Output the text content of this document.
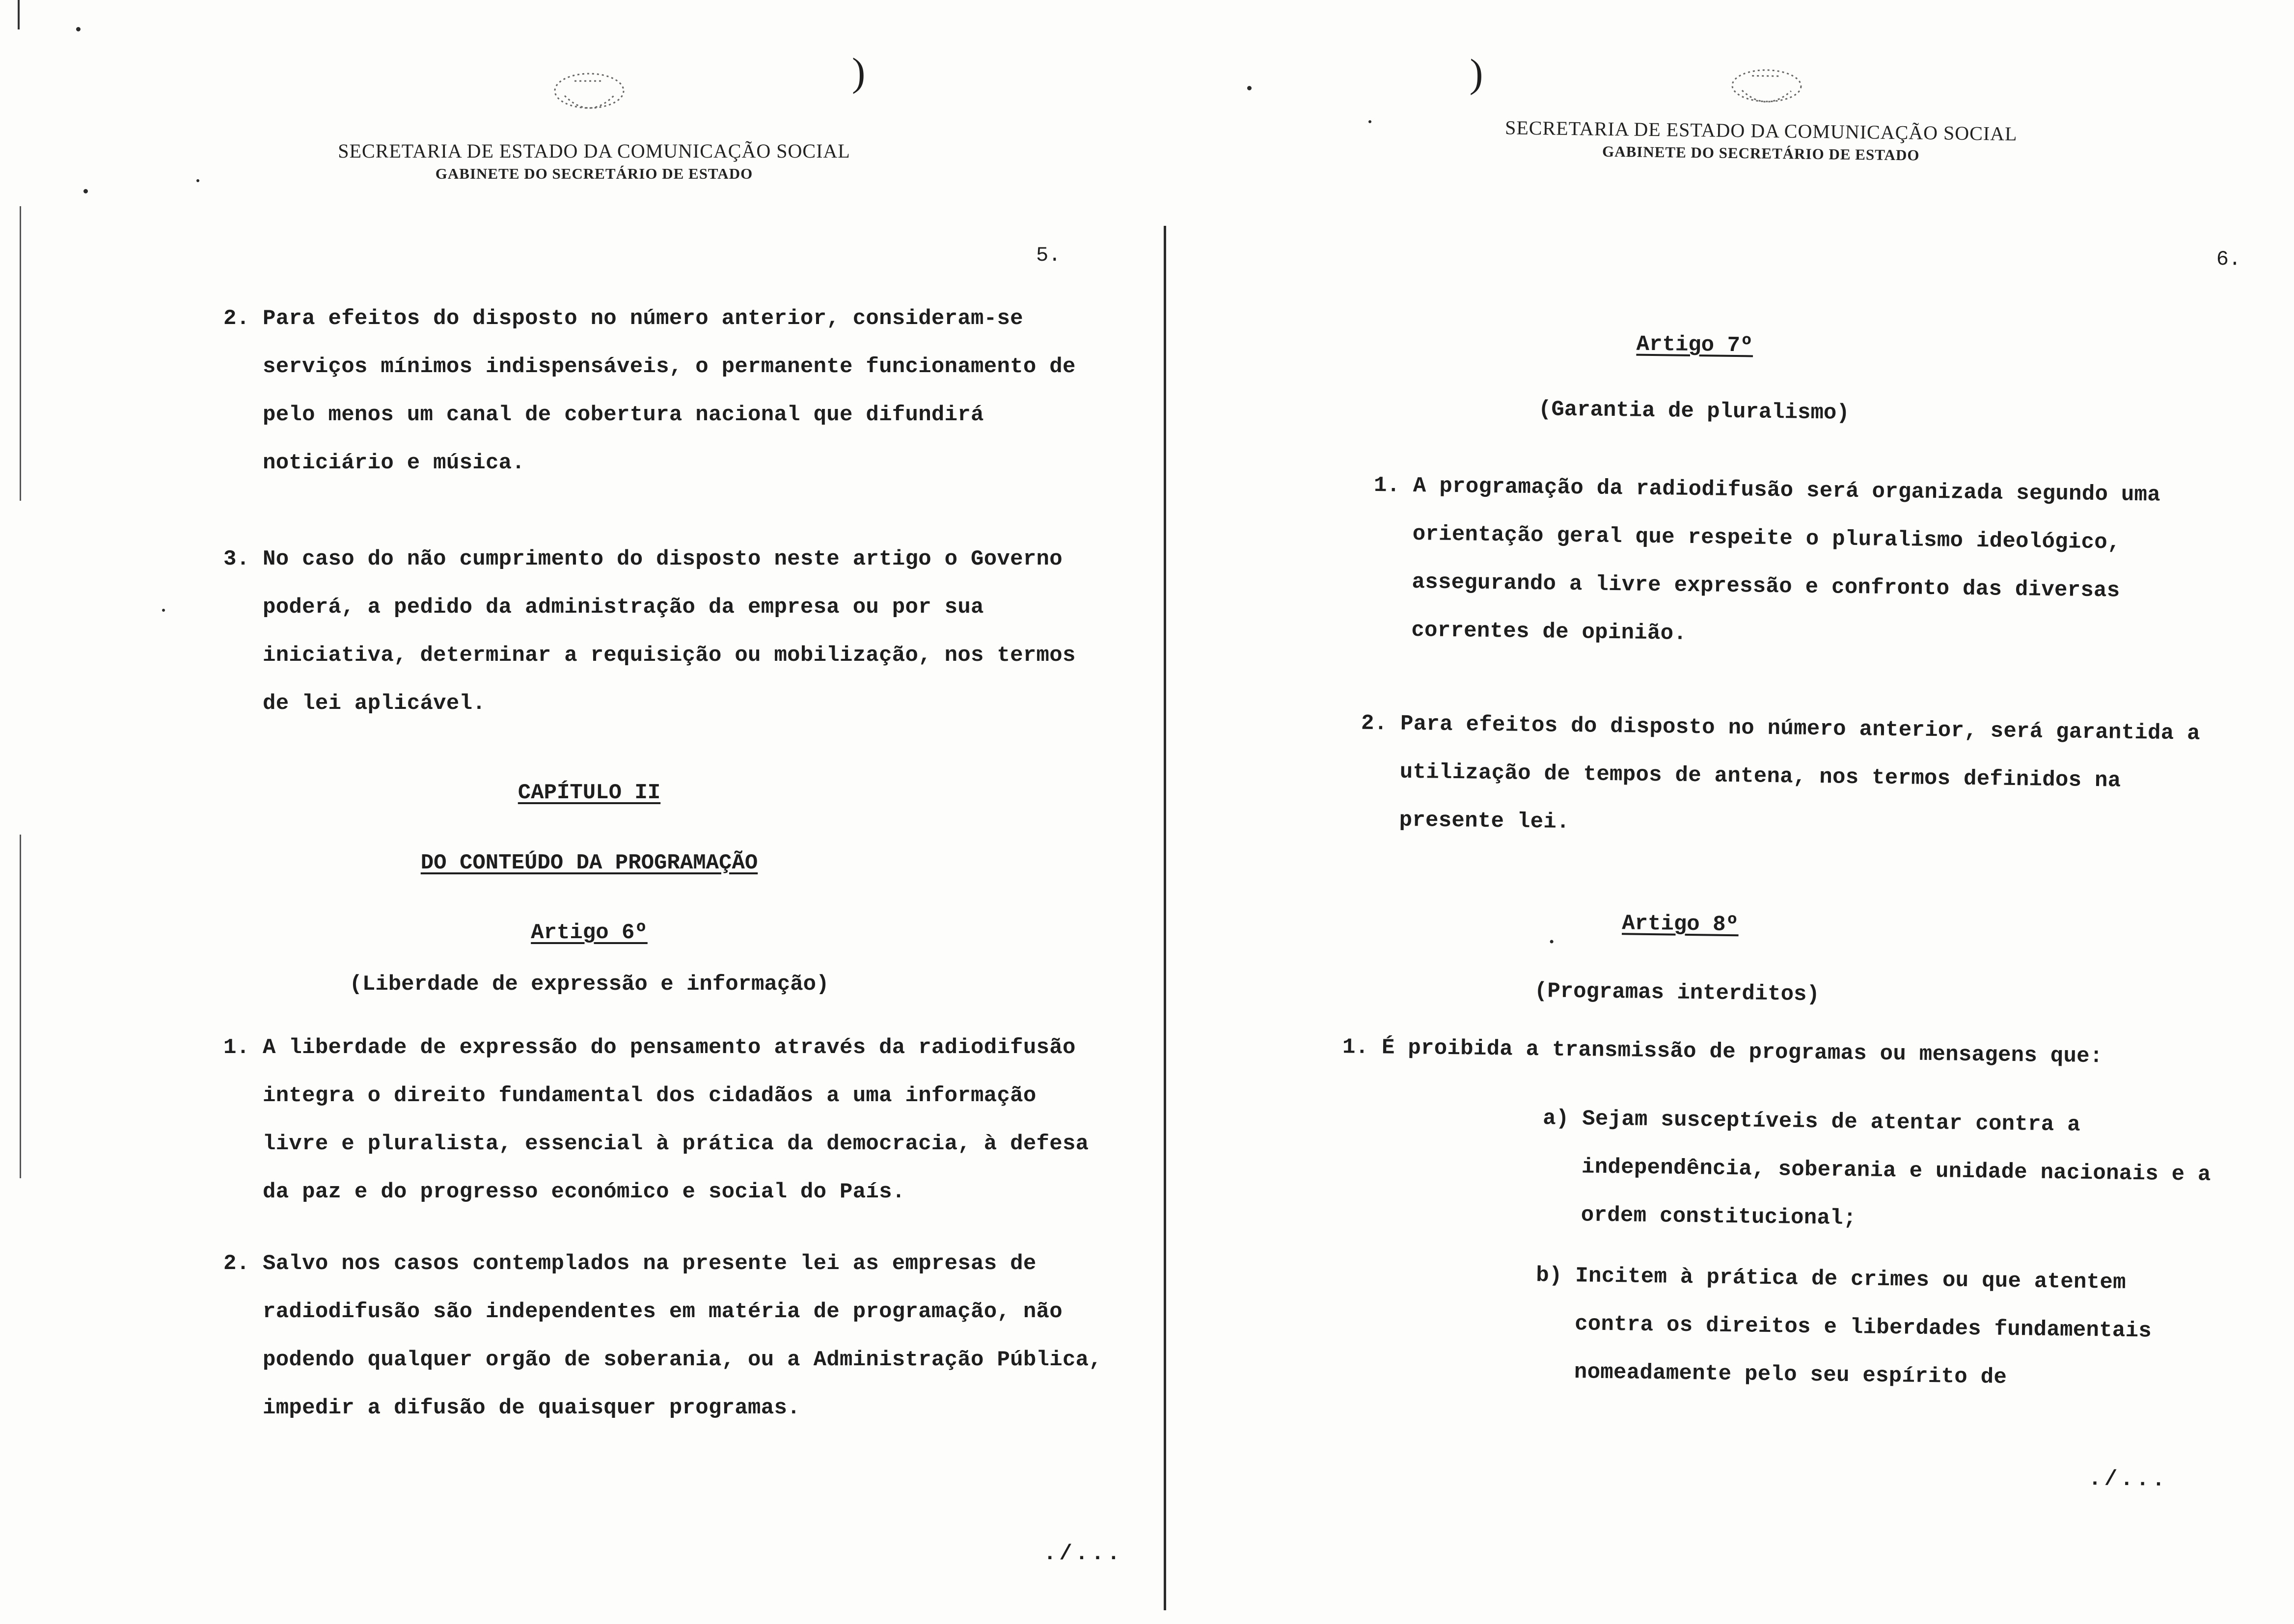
)
SECRETARIA DE ESTADO DA COMUNICAÇÃO SOCIAL
GABINETE DO SECRETÁRIO DE ESTADO
5.
2. Para efeitos do disposto no número anterior, consideram-se serviços mínimos indispensáveis, o permanente funcionamento de pelo menos um canal de cobertura nacional que difundirá noticiário e música.
3. No caso do não cumprimento do disposto neste artigo o Governo poderá, a pedido da administração da empresa ou por sua iniciativa, determinar a requisição ou mobilização, nos termos de lei aplicável.
CAPÍTULO II
DO CONTEÚDO DA PROGRAMAÇÃO
Artigo 6º
(Liberdade de expressão e informação)
1. A liberdade de expressão do pensamento através da radiodifusão integra o direito fundamental dos cidadãos a uma informação livre e pluralista, essencial à prática da democracia, à defesa da paz e do progresso económico e social do País.
2. Salvo nos casos contemplados na presente lei as empresas de radiodifusão são independentes em matéria de programação, não podendo qualquer orgão de soberania, ou a Administração Pública, impedir a difusão de quaisquer programas.
./...
)
SECRETARIA DE ESTADO DA COMUNICAÇÃO SOCIAL
GABINETE DO SECRETÁRIO DE ESTADO
6.
Artigo 7º
(Garantia de pluralismo)
1. A programação da radiodifusão será organizada segundo uma orientação geral que respeite o pluralismo ideológico, assegurando a livre expressão e confronto das diversas correntes de opinião.
2. Para efeitos do disposto no número anterior, será garantida a utilização de tempos de antena, nos termos definidos na presente lei.
Artigo 8º
(Programas interditos)
1. É proibida a transmissão de programas ou mensagens que:
a) Sejam susceptíveis de atentar contra a independência, soberania e unidade nacionais e a ordem constitucional;
b) Incitem à prática de crimes ou que atentem contra os direitos e liberdades fundamentais nomeadamente pelo seu espírito de
./...
